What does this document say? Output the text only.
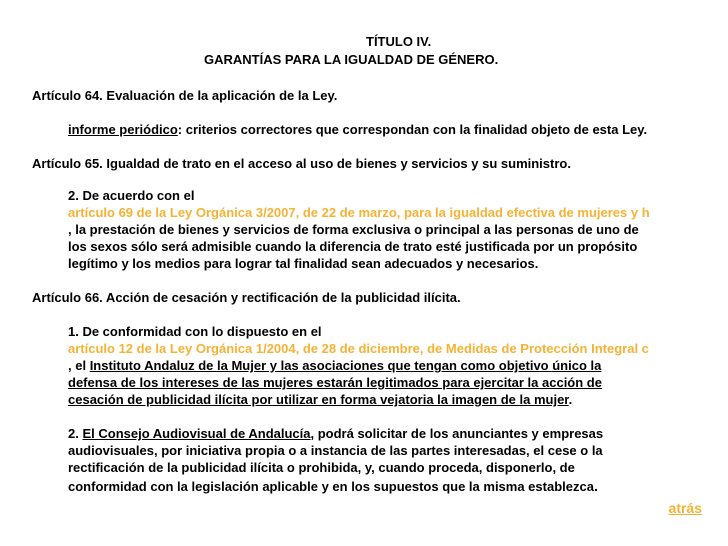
TÍTULO IV.

GARANTÍAS PARA LA IGUALDAD DE GÉNERO.

Artículo 64. Evaluación de la aplicación de la Ley.

informe periódico: criterios correctores que correspondan con la finalidad objeto de esta Ley.

Artículo 65. Igualdad de trato en el acceso al uso de bienes y servicios y su suministro.

2. De acuerdo con el

artículo 69 de la Ley Orgánica 3/2007, de 22 de marzo, para la igualdad efectiva de mujeres y h

, la prestación de bienes y servicios de forma exclusiva o principal a las personas de uno de

los sexos sólo será admisible cuando la diferencia de trato esté justificada por un propósito

legítimo y los medios para lograr tal finalidad sean adecuados y necesarios.

Artículo 66. Acción de cesación y rectificación de la publicidad ilícita.

1. De conformidad con lo dispuesto en el

artículo 12 de la Ley Orgánica 1/2004, de 28 de diciembre, de Medidas de Protección Integral c

, el Instituto Andaluz de la Mujer y las asociaciones que tengan como objetivo único la

defensa de los intereses de las mujeres estarán legitimados para ejercitar la acción de

cesación de publicidad ilícita por utilizar en forma vejatoria la imagen de la mujer.

2. El Consejo Audiovisual de Andalucía, podrá solicitar de los anunciantes y empresas

audiovisuales, por iniciativa propia o a instancia de las partes interesadas, el cese o la

rectificación de la publicidad ilícita o prohibida, y, cuando proceda, disponerlo, de

conformidad con la legislación aplicable y en los supuestos que la misma establezca.

atrás
